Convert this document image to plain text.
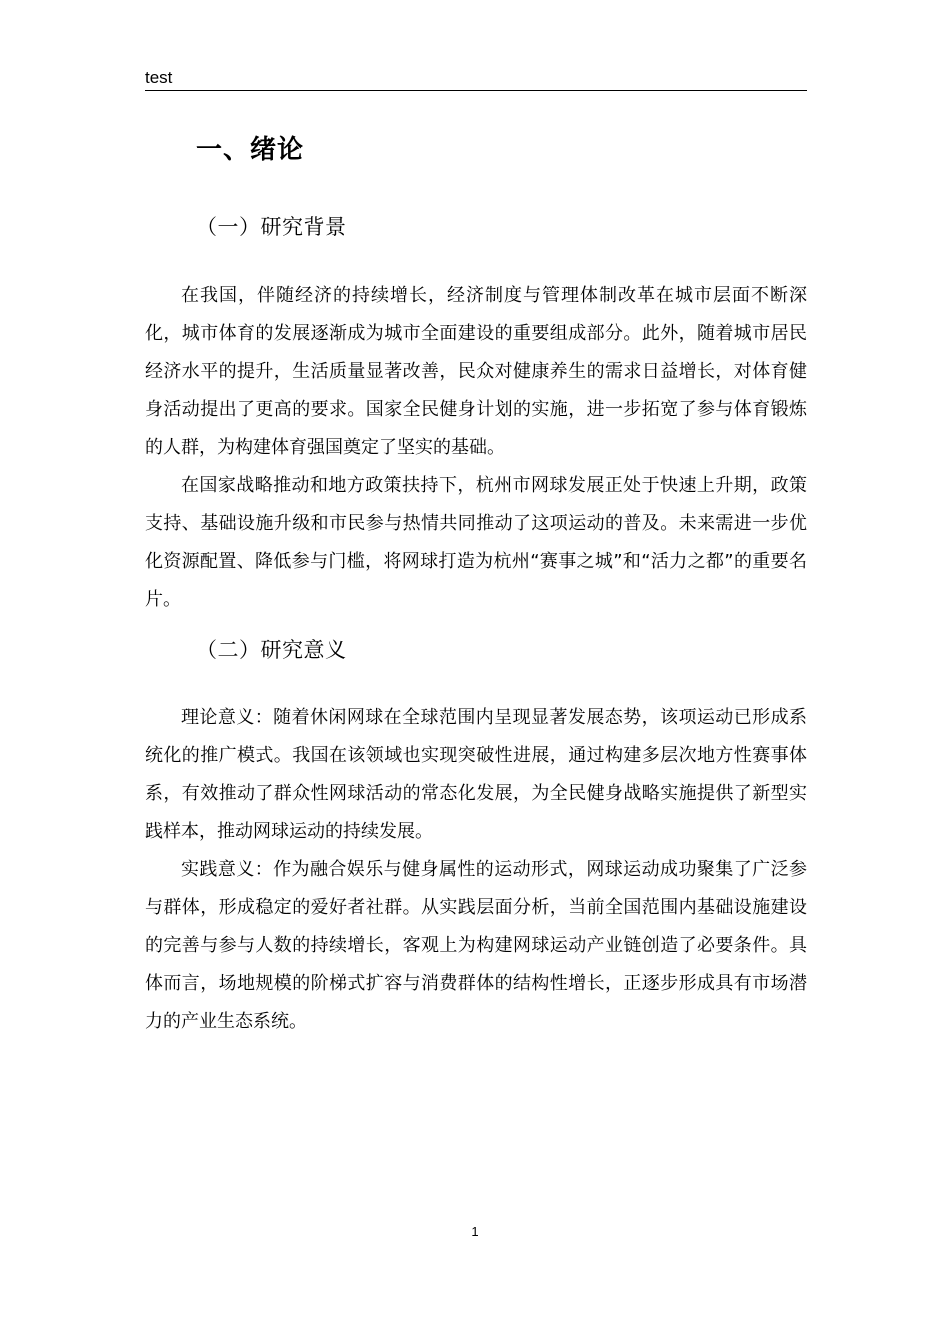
test
一、绪论
（一）研究背景

在我国，伴随经济的持续增长，经济制度与管理体制改革在城市层面不断深化，城市体育的发展逐渐成为城市全面建设的重要组成部分。此外，随着城市居民经济水平的提升，生活质量显著改善，民众对健康养生的需求日益增长，对体育健身活动提出了更高的要求。国家全民健身计划的实施，进一步拓宽了参与体育锻炼的人群，为构建体育强国奠定了坚实的基础。

在国家战略推动和地方政策扶持下，杭州市网球发展正处于快速上升期，政策支持、基础设施升级和市民参与热情共同推动了这项运动的普及。未来需进一步优化资源配置、降低参与门槛，将网球打造为杭州“赛事之城”和“活力之都”的重要名片。

（二）研究意义

理论意义：随着休闲网球在全球范围内呈现显著发展态势，该项运动已形成系统化的推广模式。我国在该领域也实现突破性进展，通过构建多层次地方性赛事体系，有效推动了群众性网球活动的常态化发展，为全民健身战略实施提供了新型实践样本，推动网球运动的持续发展。

实践意义：作为融合娱乐与健身属性的运动形式，网球运动成功聚集了广泛参与群体，形成稳定的爱好者社群。从实践层面分析，当前全国范围内基础设施建设的完善与参与人数的持续增长，客观上为构建网球运动产业链创造了必要条件。具体而言，场地规模的阶梯式扩容与消费群体的结构性增长，正逐步形成具有市场潜力的产业生态系统。

1
